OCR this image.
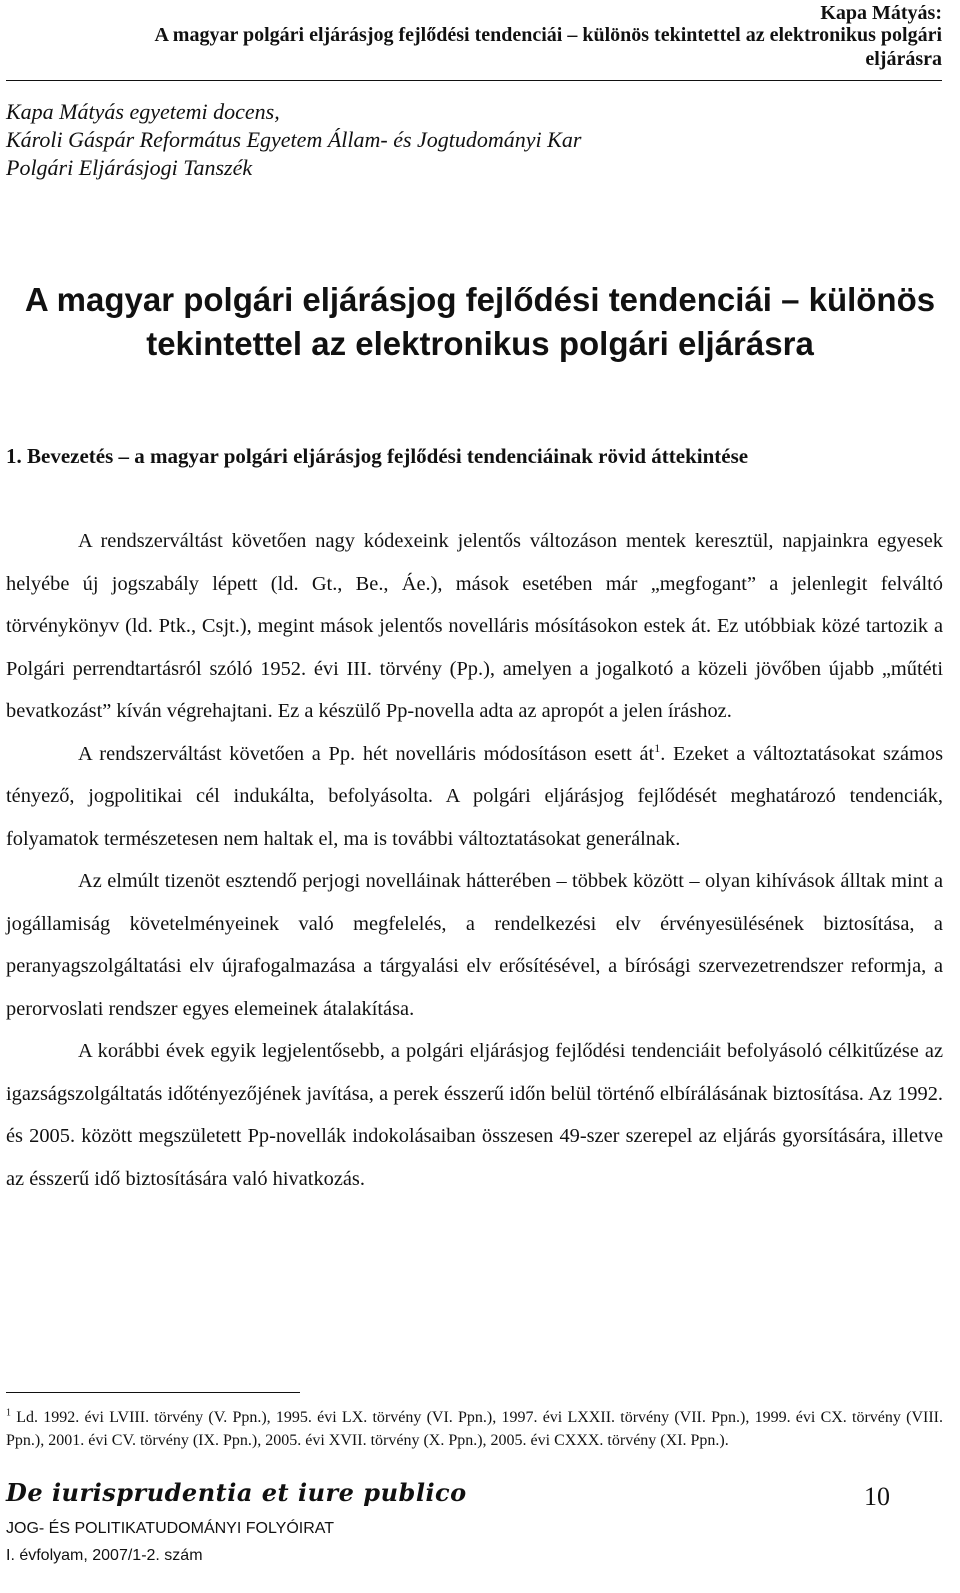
Kapa Mátyás:
A magyar polgári eljárásjog fejlődési tendenciái – különös tekintettel az elektronikus polgári
eljárásra
Kapa Mátyás egyetemi docens,
Károli Gáspár Református Egyetem Állam- és Jogtudományi Kar
Polgári Eljárásjogi Tanszék
A magyar polgári eljárásjog fejlődési tendenciái – különös
tekintettel az elektronikus polgári eljárásra
1. Bevezetés – a magyar polgári eljárásjog fejlődési tendenciáinak rövid áttekintése

A rendszerváltást követően nagy kódexeink jelentős változáson mentek keresztül, napjainkra egyesek helyébe új jogszabály lépett (ld. Gt., Be., Áe.), mások esetében már „megfogant” a jelenlegit felváltó törvénykönyv (ld. Ptk., Csjt.), megint mások jelentős novelláris mósításokon estek át. Ez utóbbiak közé tartozik a Polgári perrendtartásról szóló 1952. évi III. törvény (Pp.), amelyen a jogalkotó a közeli jövőben újabb „műtéti bevatkozást” kíván végrehajtani. Ez a készülő Pp-novella adta az apropót a jelen íráshoz.

A rendszerváltást követően a Pp. hét novelláris módosításon esett $át^1$. Ezeket a változtatásokat számos tényező, jogpolitikai cél indukálta, befolyásolta. A polgári eljárásjog fejlődését meghatározó tendenciák, folyamatok természetesen nem haltak el, ma is további változtatásokat generálnak.

Az elmúlt tizenöt esztendő perjogi novelláinak hátterében – többek között – olyan kihívások álltak mint a jogállamiság követelményeinek való megfelelés, a rendelkezési elv érvényesülésének biztosítása, a peranyagszolgáltatási elv újrafogalmazása a tárgyalási elv erősítésével, a bírósági szervezetrendszer reformja, a perorvoslati rendszer egyes elemeinek átalakítása.

A korábbi évek egyik legjelentősebb, a polgári eljárásjog fejlődési tendenciáit befolyásoló célkitűzése az igazságszolgáltatás időtényezőjének javítása, a perek ésszerű időn belül történő elbírálásának biztosítása. Az 1992. és 2005. között megszületett Pp-novellák indokolásaiban összesen 49-szer szerepel az eljárás gyorsítására, illetve az ésszerű idő biztosítására való hivatkozás.

$^1$ Ld. 1992. évi LVIII. törvény (V. Ppn.), 1995. évi LX. törvény (VI. Ppn.), 1997. évi LXXII. törvény (VII. Ppn.), 1999. évi CX. törvény (VIII. Ppn.), 2001. évi CV. törvény (IX. Ppn.), 2005. évi XVII. törvény (X. Ppn.), 2005. évi CXXX. törvény (XI. Ppn.).
De iurisprudentia et iure publico	10
JOG- ÉS POLITIKATUDOMÁNYI FOLYÓIRAT
I. évfolyam, 2007/1-2. szám
